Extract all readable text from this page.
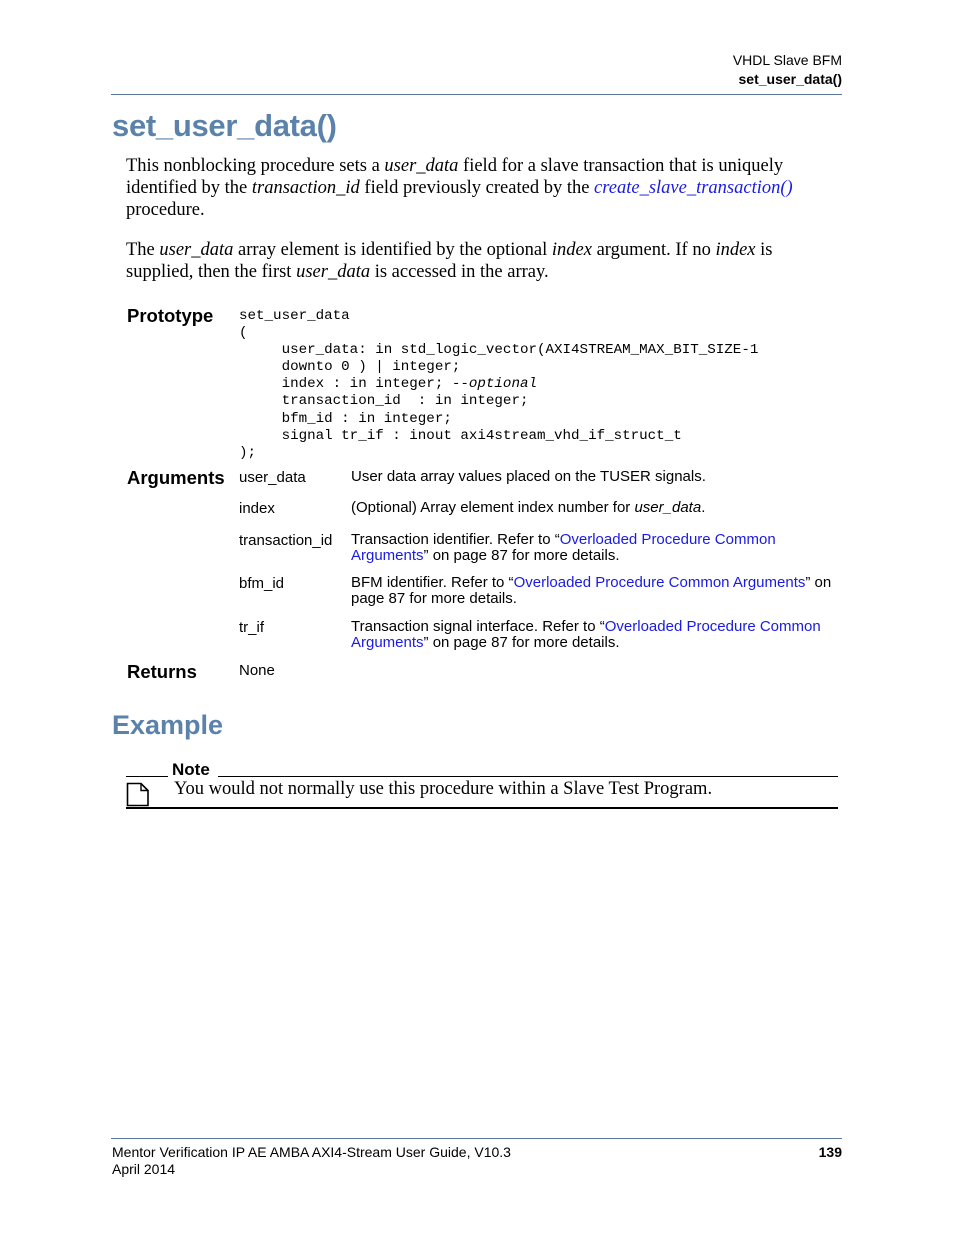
VHDL Slave BFM
set_user_data()
set_user_data()

This nonblocking procedure sets a user_data field for a slave transaction that is uniquely identified by the transaction_id field previously created by the create_slave_transaction() procedure.

The user_data array element is identified by the optional index argument. If no index is supplied, then the first user_data is accessed in the array.

Prototype set_user_data
(
user_data: in std_logic_vector(AXI4STREAM_MAX_BIT_SIZE-1
downto 0 ) | integer;
index : in integer; --optional
transaction_id  : in integer;
bfm_id : in integer;
signal tr_if : inout axi4stream_vhd_if_struct_t
);
Arguments user_data	User data array values placed on the TUSER signals.
index	(Optional) Array element index number for user_data.
transaction_id Transaction identifier. Refer to “Overloaded Procedure Common Arguments” on page 87 for more details.
bfm_id	BFM identifier. Refer to “Overloaded Procedure Common Arguments” on page 87 for more details.
tr_if	Transaction signal interface. Refer to “Overloaded Procedure Common Arguments” on page 87 for more details.
Returns	None
Example
Note
You would not normally use this procedure within a Slave Test Program.
Mentor Verification IP AE AMBA AXI4-Stream User Guide, V10.3
April 2014
139
